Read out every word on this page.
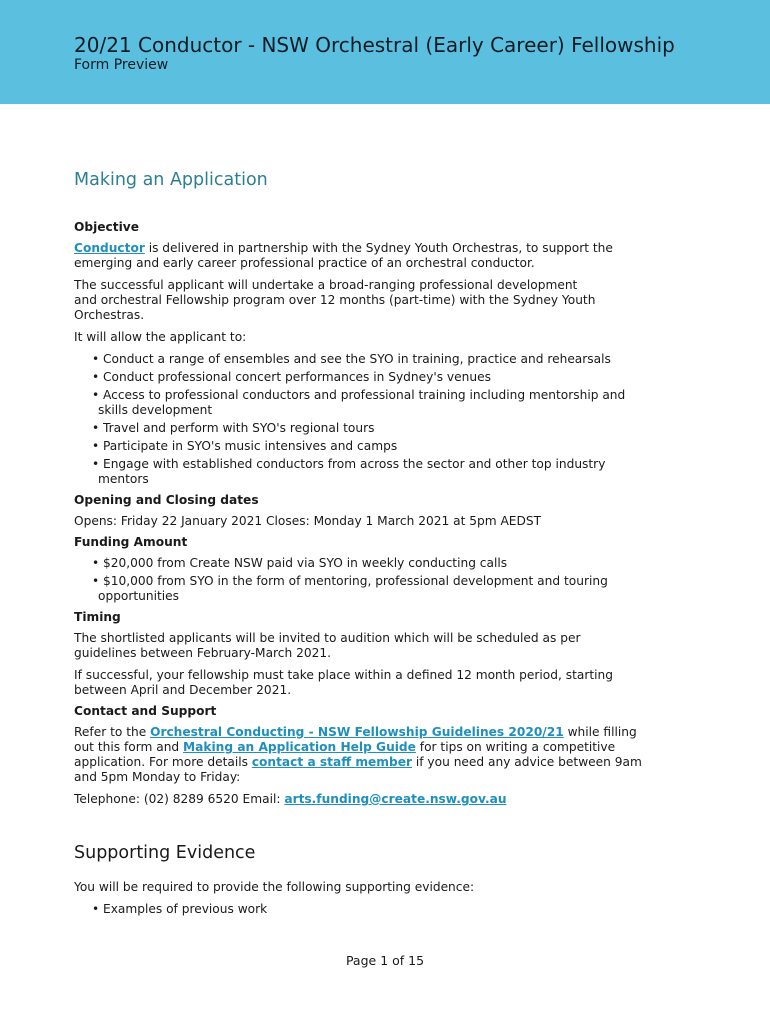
20/21 Conductor - NSW Orchestral (Early Career) Fellowship
Form Preview
Making an Application
Objective

Conductor is delivered in partnership with the Sydney Youth Orchestras, to support the
emerging and early career professional practice of an orchestral conductor.

The successful applicant will undertake a broad-ranging professional development
and orchestral Fellowship program over 12 months (part-time) with the Sydney Youth
Orchestras.

It will allow the applicant to:

• Conduct a range of ensembles and see the SYO in training, practice and rehearsals
• Conduct professional concert performances in Sydney's venues
• Access to professional conductors and professional training including mentorship and
skills development
• Travel and perform with SYO's regional tours
• Participate in SYO's music intensives and camps
• Engage with established conductors from across the sector and other top industry
mentors
Opening and Closing dates

Opens: Friday 22 January 2021 Closes: Monday 1 March 2021 at 5pm AEDST

Funding Amount
• $20,000 from Create NSW paid via SYO in weekly conducting calls
• $10,000 from SYO in the form of mentoring, professional development and touring
opportunities
Timing

The shortlisted applicants will be invited to audition which will be scheduled as per
guidelines between February-March 2021.

If successful, your fellowship must take place within a defined 12 month period, starting
between April and December 2021.

Contact and Support

Refer to the Orchestral Conducting - NSW Fellowship Guidelines 2020/21 while filling
out this form and Making an Application Help Guide for tips on writing a competitive
application. For more details contact a staff member if you need any advice between 9am
and 5pm Monday to Friday:

Telephone: (02) 8289 6520 Email: arts.funding@create.nsw.gov.au

Supporting Evidence

You will be required to provide the following supporting evidence:

• Examples of previous work
Page 1 of 15
